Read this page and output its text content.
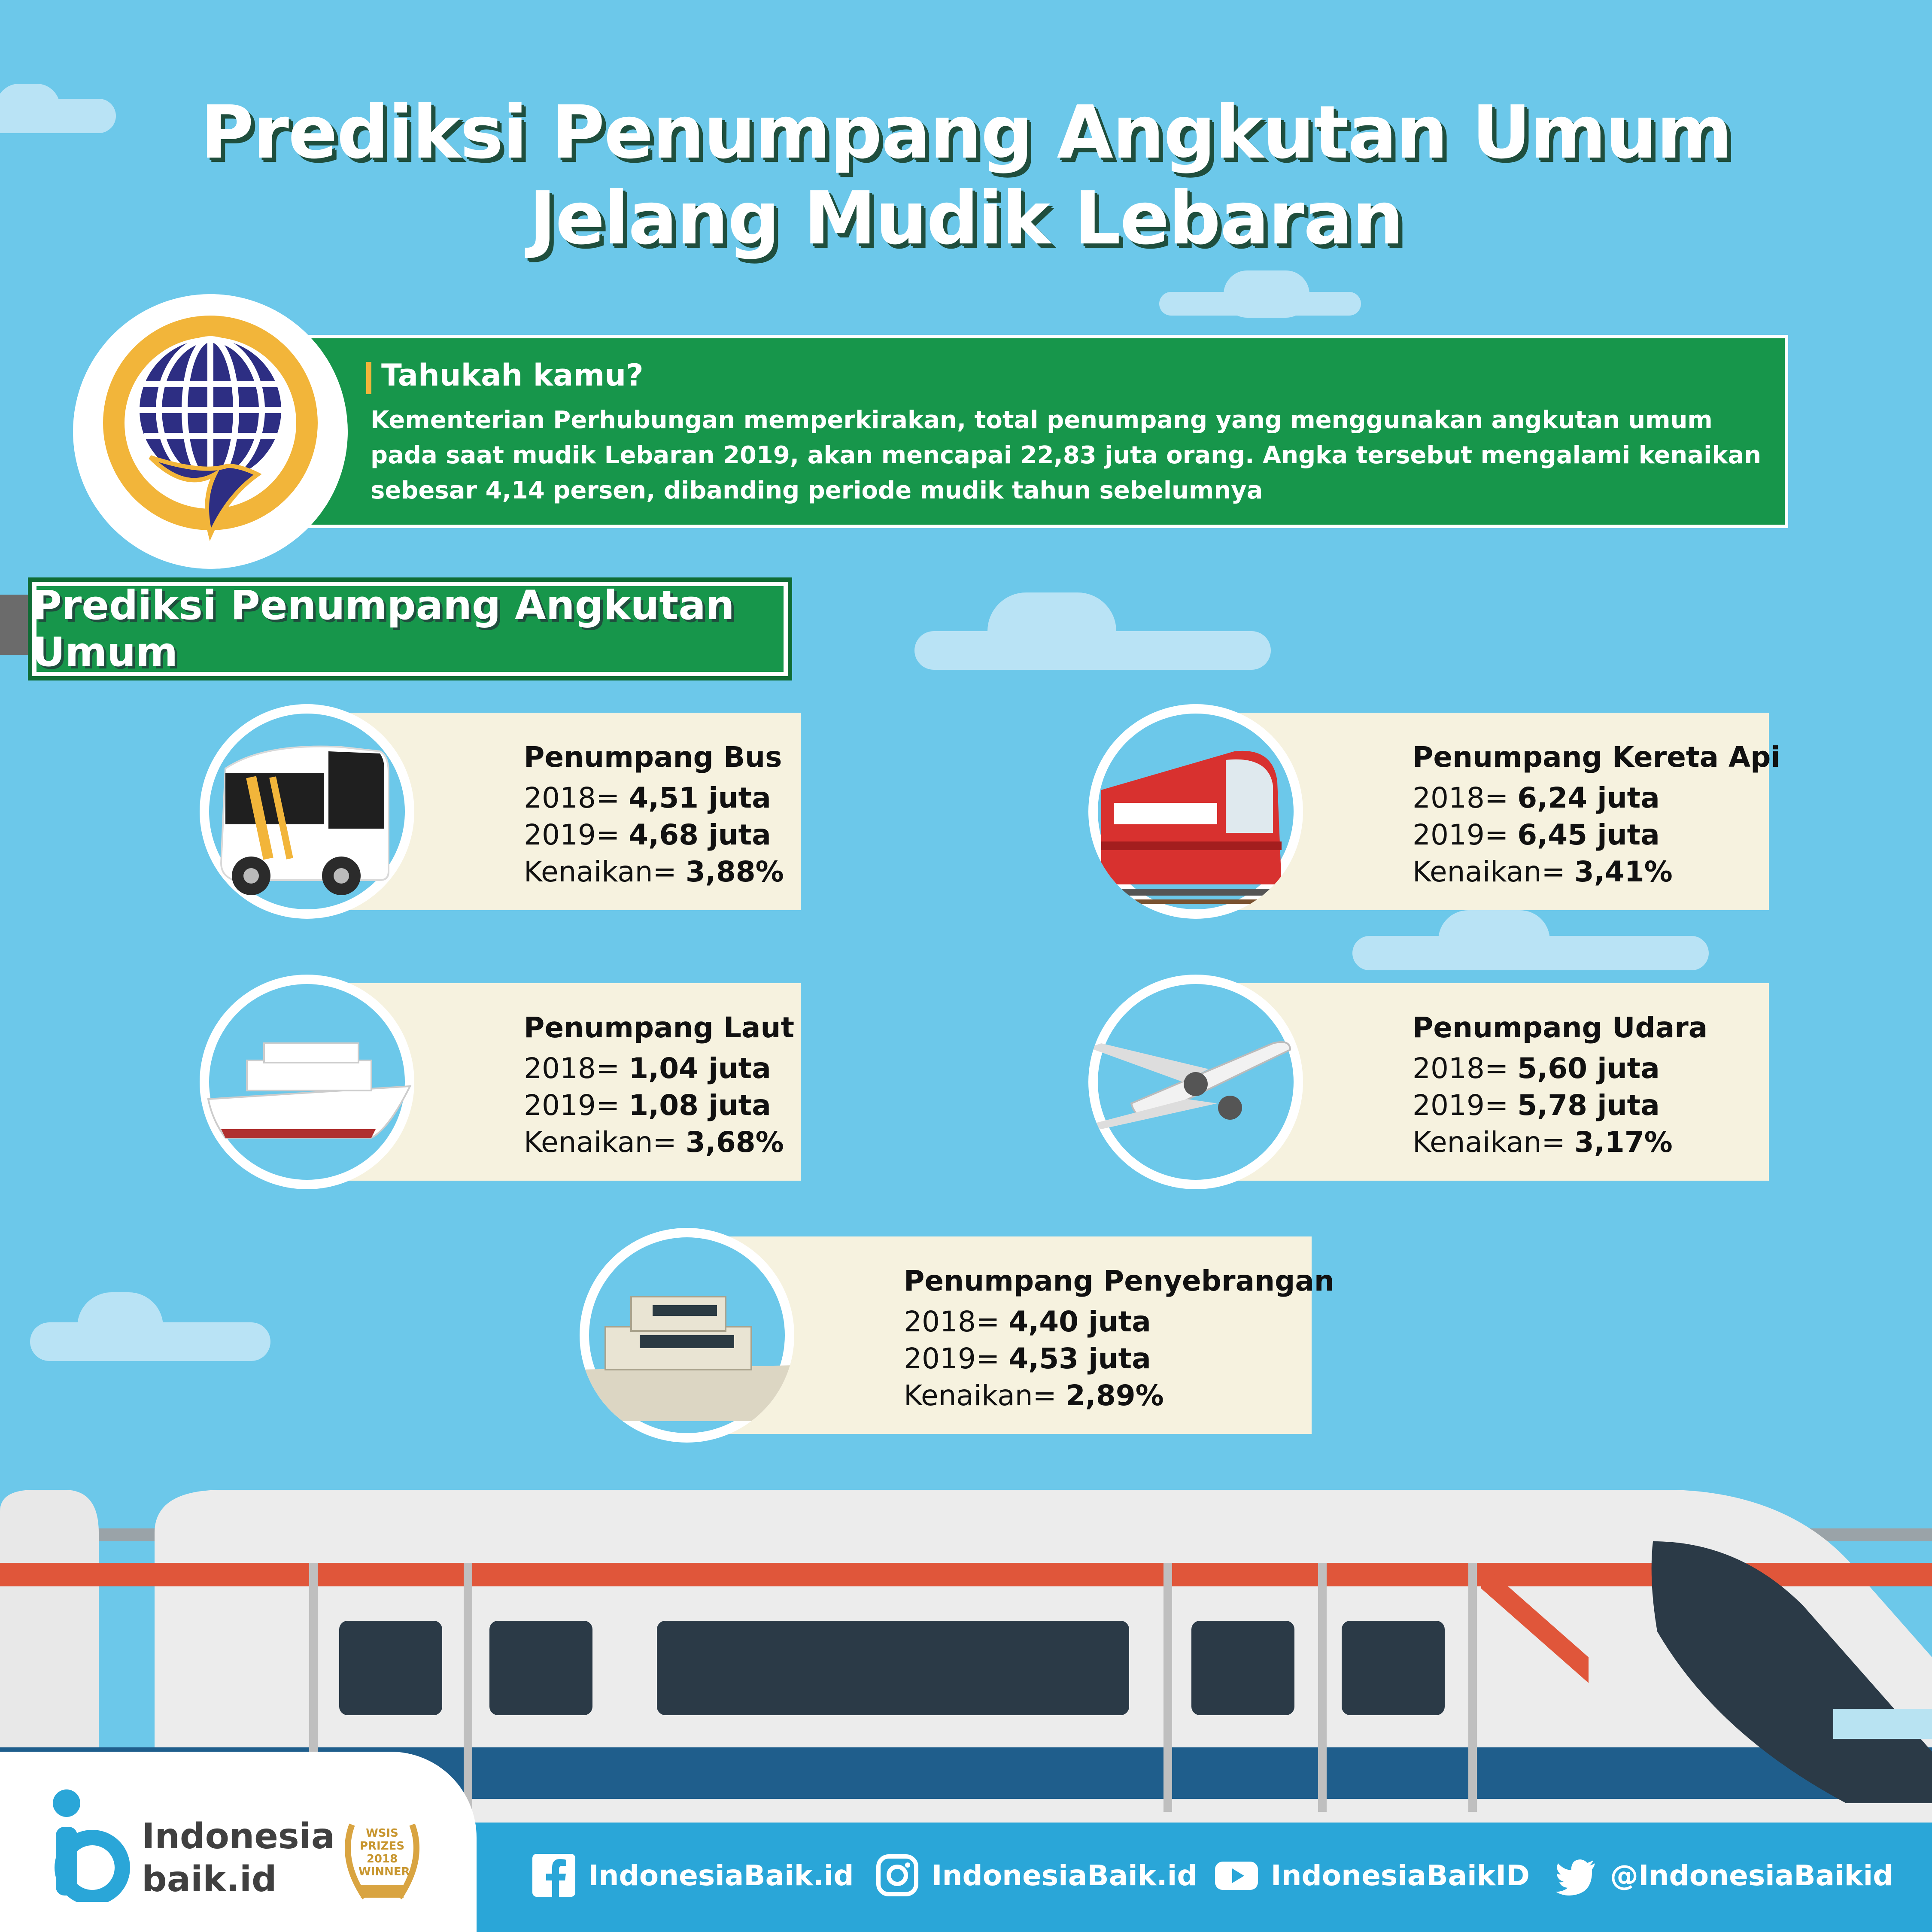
Prediksi Penumpang Angkutan Umum
Jelang Mudik Lebaran
Tahukah kamu?
Kementerian Perhubungan memperkirakan, total penumpang yang menggunakan angkutan umum pada saat mudik Lebaran 2019, akan mencapai 22,83 juta orang. Angka tersebut mengalami kenaikan sebesar 4,14 persen, dibanding periode mudik tahun sebelumnya
Prediksi Penumpang Angkutan Umum
Penumpang Bus
2018= 4,51 juta
2019= 4,68 juta
Kenaikan= 3,88%
Penumpang Kereta Api
2018= 6,24 juta
2019= 6,45 juta
Kenaikan= 3,41%
Penumpang Laut
2018= 1,04 juta
2019= 1,08 juta
Kenaikan= 3,68%
Penumpang Udara
2018= 5,60 juta
2019= 5,78 juta
Kenaikan= 3,17%
Penumpang Penyebrangan
2018= 4,40 juta
2019= 4,53 juta
Kenaikan= 2,89%
Indonesia
baik.id
WSIS PRIZES 2018 WINNER	IndonesiaBaik.id	IndonesiaBaik.id	IndonesiaBaikID	@IndonesiaBaikid
